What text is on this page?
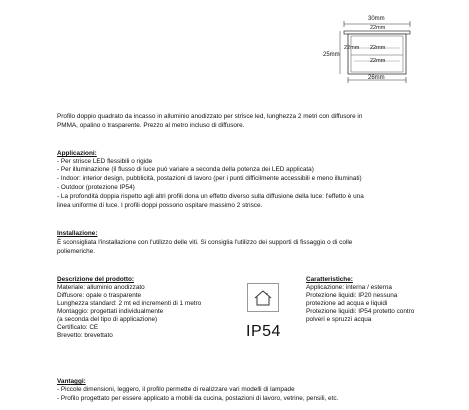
30mm
22mm
25mm
22mm 22mm
22mm
26mm
Profilo doppio quadrato da incasso in alluminio anodizzato per strisce led, lunghezza 2 metri con diffusore in
PMMA, opalino o trasparente. Prezzo al metro incluso di diffusore.
Applicazioni:
- Per strisce LED flessibili o rigide
- Per illuminazione (il flusso di luce può variare a seconda della potenza dei LED applicata)
- Indoor: interior design, pubblicità, postazioni di lavoro (per i punti difficilmente accessibili e meno illuminati)
- Outdoor (protezione IP54)
- La profondità doppia rispetto agli altri profili dona un effetto diverso sulla diffusione della luce: l'effetto è una
linea uniforme di luce. I profili doppi possono ospitare massimo 2 strisce.
Installazione:
È sconsigliata l'installazione con l'utilizzo delle viti. Si consiglia l'utilizzo dei supporti di fissaggio o di colle
poliemeriche.
Descrizione del prodotto:
Materiale: alluminio anodizzato
Diffusore: opale o trasparente
Lunghezza standard: 2 mt ed incrementi di 1 metro
Montaggio: progettati individualmente
(a seconda del tipo di applicazione)
Certificato: CE
Brevetto: brevettato	IP54
Caratteristiche:
Applicazione: interna / esterna
Protezione liquidi: IP20 nessuna
protezione ad acqua e liquidi
Protezione liquidi: IP54 protetto contro
polveri e spruzzi acqua
Vantaggi:
- Piccole dimensioni, leggero, il profilo permette di realizzare vari modelli di lampade
- Profilo progettato per essere applicato a mobili da cucina, postazioni di lavoro, vetrine, pensili, etc.
